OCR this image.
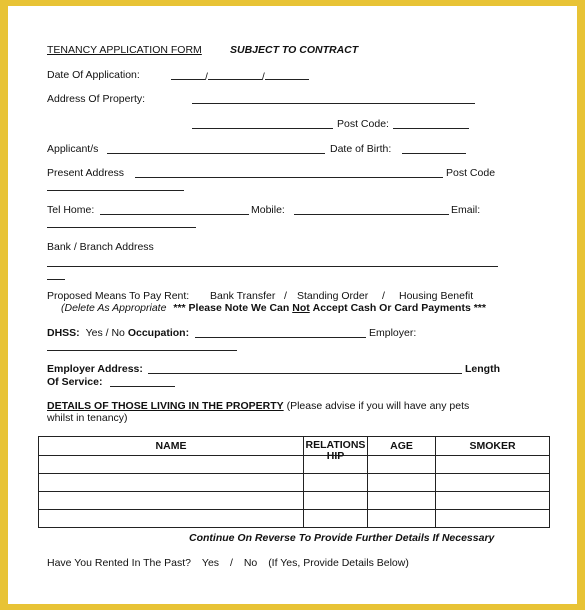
TENANCY APPLICATION FORM	SUBJECT TO CONTRACT
Date Of Application:	/	/
Address Of Property:
Post Code:
Applicant/s	Date of Birth:
Present Address	Post Code
Tel Home:	Mobile:	Email:
Bank / Branch Address
Proposed Means To Pay Rent: Bank Transfer / Standing Order / Housing Benefit
(Delete As Appropriate *** Please Note We Can Not Accept Cash Or Card Payments ***
DHSS: Yes / No Occupation:	Employer:
Employer Address:	Length
Of Service:
DETAILS OF THOSE LIVING IN THE PROPERTY (Please advise if you will have any pets
whilst in tenancy)
NAME	RELATIONSHIP	AGE	SMOKER

Continue On Reverse To Provide Further Details If Necessary
Have You Rented In The Past? Yes / No (If Yes, Provide Details Below)
